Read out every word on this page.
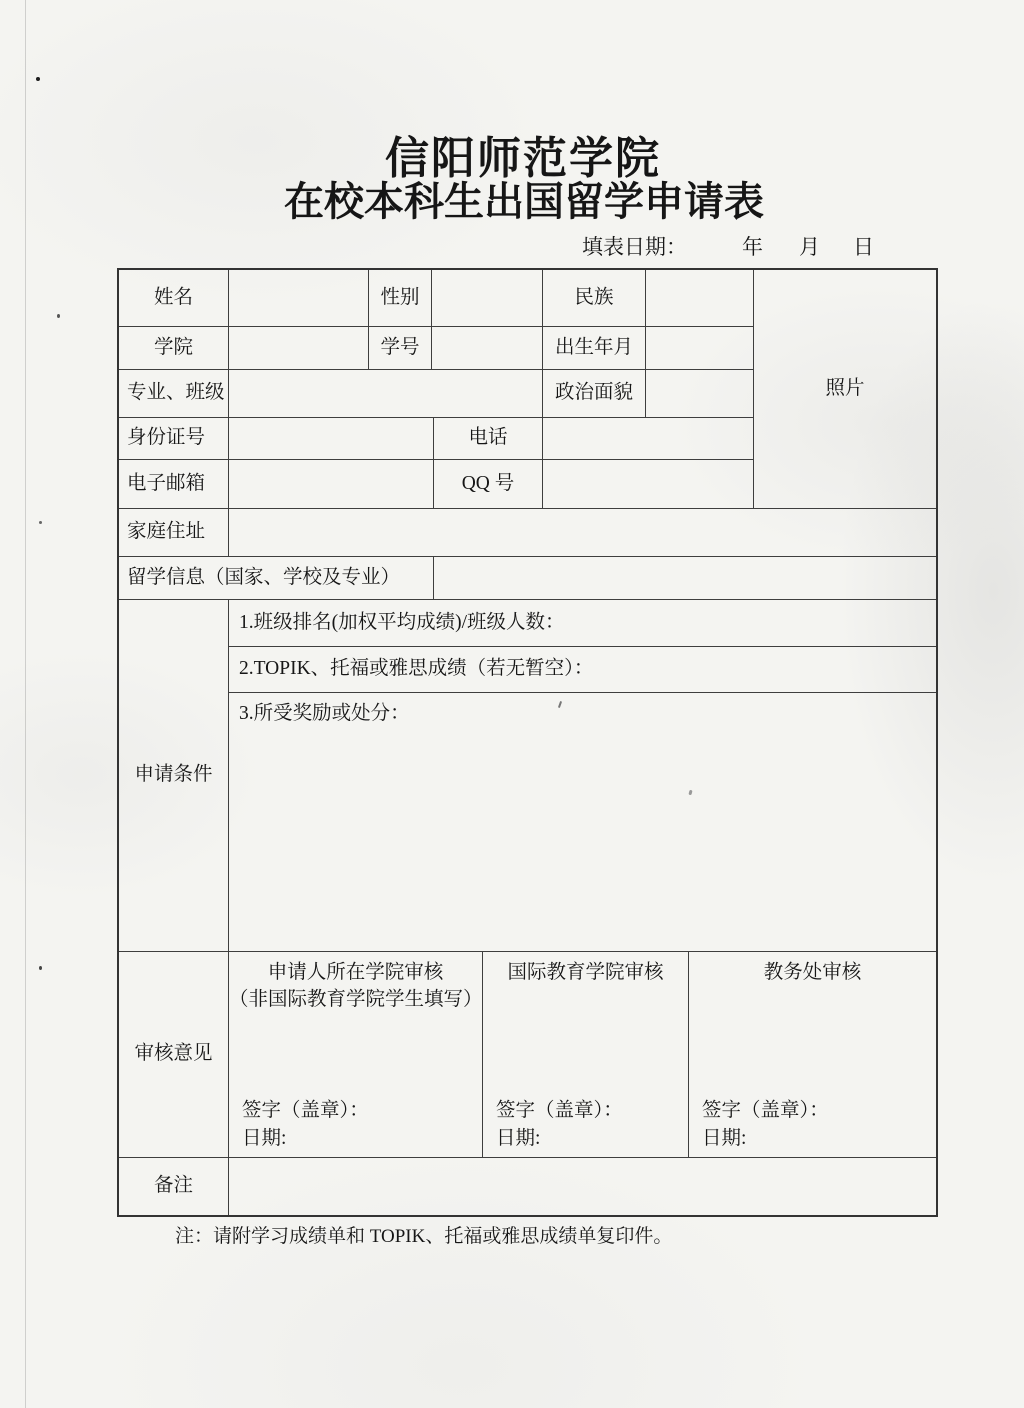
信阳师范学院
在校本科生出国留学申请表
填表日期：	年 月 日
姓名	性别	民族
学院	学号	出生年月
专业、班级	政治面貌
身份证号	电话
电子邮箱	QQ 号
照片
家庭住址
留学信息（国家、学校及专业）
申请条件
1.班级排名(加权平均成绩)/班级人数：
2.TOPIK、托福或雅思成绩（若无暂空）：
3.所受奖励或处分：
审核意见
申请人所在学院审核
（非国际教育学院学生填写）
签字（盖章）：
日期:
国际教育学院审核
签字（盖章）：
日期:
教务处审核
签字（盖章）：
日期:
备注
注：请附学习成绩单和 TOPIK、托福或雅思成绩单复印件。
